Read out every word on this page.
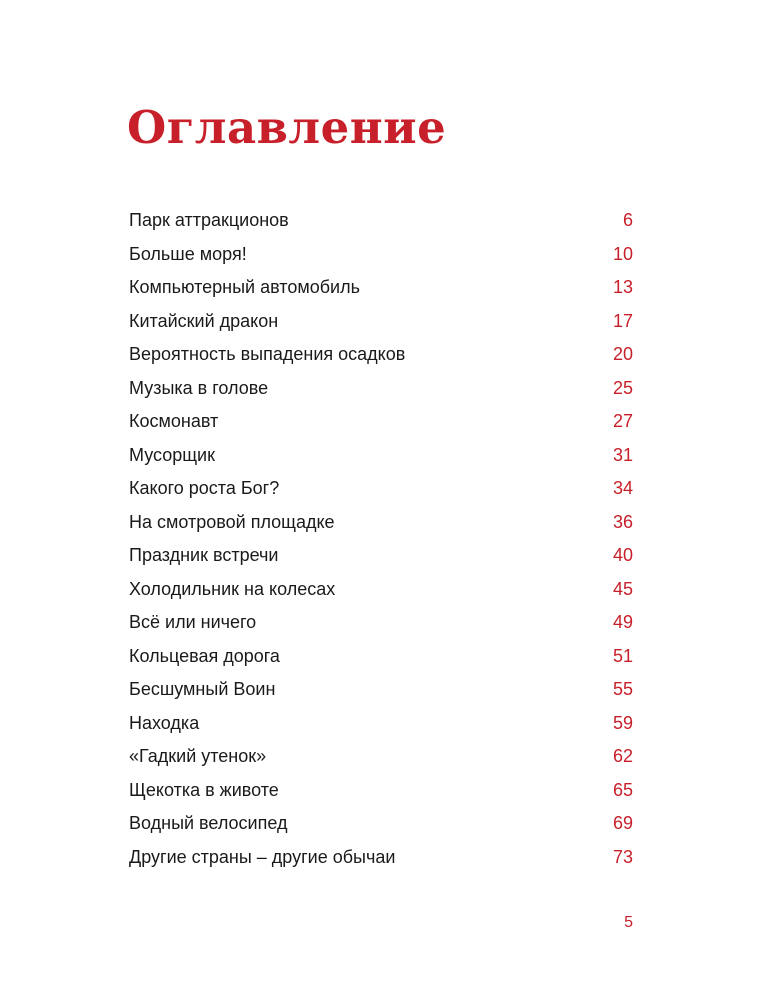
Оглавление
Парк аттракционов	6
Больше моря!	10
Компьютерный автомобиль	13
Китайский дракон	17
Вероятность выпадения осадков	20
Музыка в голове	25
Космонавт	27
Мусорщик	31
Какого роста Бог?	34
На смотровой площадке	36
Праздник встречи	40
Холодильник на колесах	45
Всё или ничего	49
Кольцевая дорога	51
Бесшумный Воин	55
Находка	59
«Гадкий утенок»	62
Щекотка в животе	65
Водный велосипед	69
Другие страны – другие обычаи	73
5
